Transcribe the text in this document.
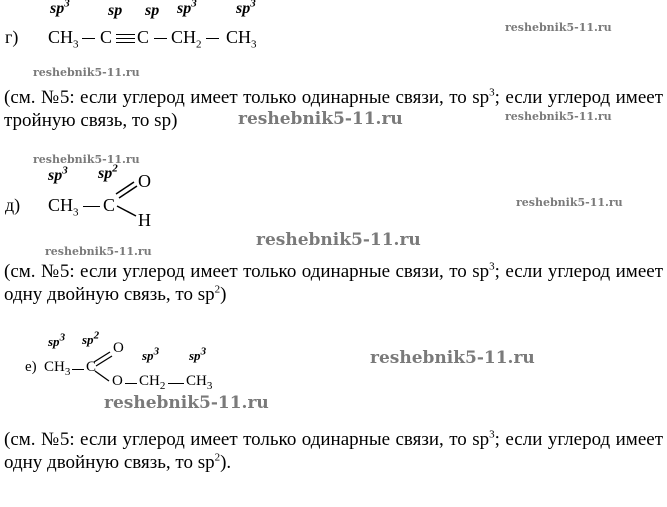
$sp^3$ sp sp $sp^3$ $sp^3$
г) $CH_3$ C C $CH_2$ $CH_3$
reshebnik5-11.ru
reshebnik5-11.ru
(см. №5: если углерод имеет только одинарные связи, то $sp^3$; если углерод имеет тройную связь, то sp)	reshebnik5-11.ru	reshebnik5-11.ru
reshebnik5-11.ru
$sp^3$ $sp^2$
O
д) $CH_3$ C
H
reshebnik5-11.ru
reshebnik5-11.ru
reshebnik5-11.ru
(см. №5: если углерод имеет только одинарные связи, то $sp^3$; если углерод имеет одну двойную связь, то $sp^2$)
$sp^3$ $sp^2$
O $sp^3$ $sp^3$
е) $CH_3$ C
O $CH_2$ $CH_3$
reshebnik5-11.ru
reshebnik5-11.ru
(см. №5: если углерод имеет только одинарные связи, то $sp^3$; если углерод имеет одну двойную связь, то $sp^2$).
